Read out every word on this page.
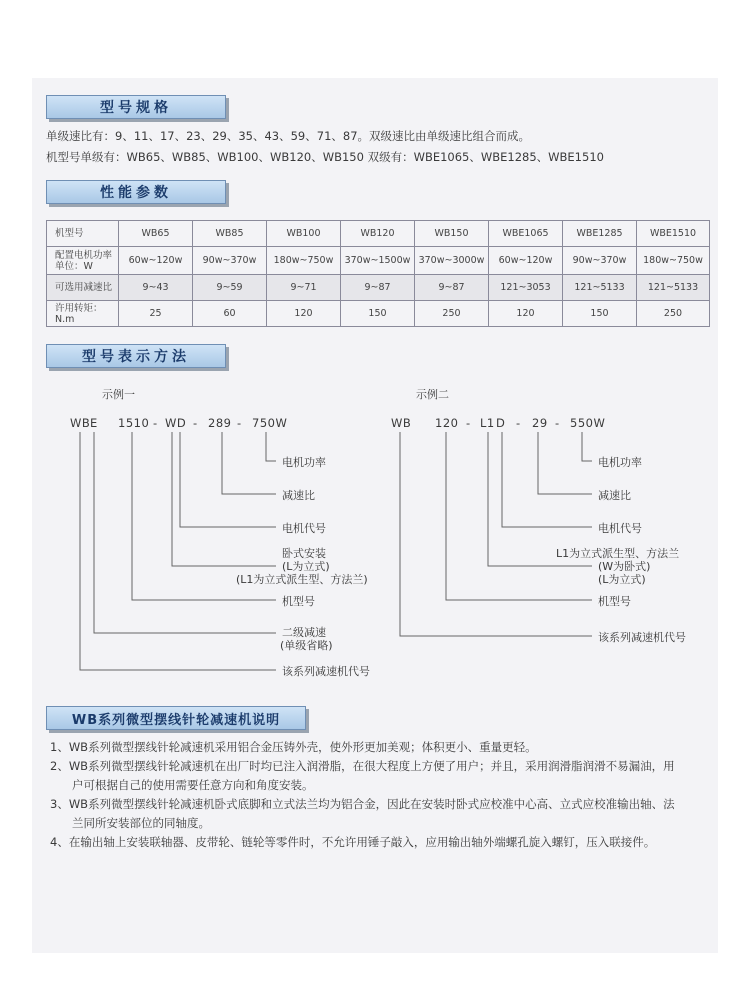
型号规格
单级速比有：9、11、17、23、29、35、43、59、71、87。双级速比由单级速比组合而成。
机型号单级有：WB65、WB85、WB100、WB120、WB150 双级有：WBE1065、WBE1285、WBE1510
性能参数
机型号	WB65	WB85	WB100	WB120	WB150	WBE1065	WBE1285	WBE1510
配置电机功率
单位：W	60w~120w	90w~370w	180w~750w	370w~1500w	370w~3000w	60w~120w	90w~370w	180w~750w
可选用减速比	9~43	9~59	9~71	9~87	9~87	121~3053	121~5133	121~5133
许用转矩：N.m	25	60	120	150	250	120	150	250
型号表示方法
示例一
WB E 1510 - WD - 289 - 750W
电机功率
减速比
电机代号
卧式安装
(L为立式)
(L1为立式派生型、方法兰)
机型号
二级减速
(单级省略)
该系列减速机代号
示例二
WB 120 - L1 D - 29 - 550W
电机功率
减速比
电机代号
L1为立式派生型、方法兰
(W为卧式)
(L为立式)
机型号
该系列减速机代号
WB系列微型摆线针轮减速机说明
1、WB系列微型摆线针轮减速机采用铝合金压铸外壳，使外形更加美观；体积更小、重量更轻。
2、WB系列微型摆线针轮减速机在出厂时均已注入润滑脂，在很大程度上方便了用户；并且，采用润滑脂润滑不易漏油，用
户可根据自己的使用需要任意方向和角度安装。
3、WB系列微型摆线针轮减速机卧式底脚和立式法兰均为铝合金，因此在安装时卧式应校准中心高、立式应校准输出轴、法
兰同所安装部位的同轴度。
4、在输出轴上安装联轴器、皮带轮、链轮等零件时，不允许用锤子敲入，应用输出轴外端螺孔旋入螺钉，压入联接件。
